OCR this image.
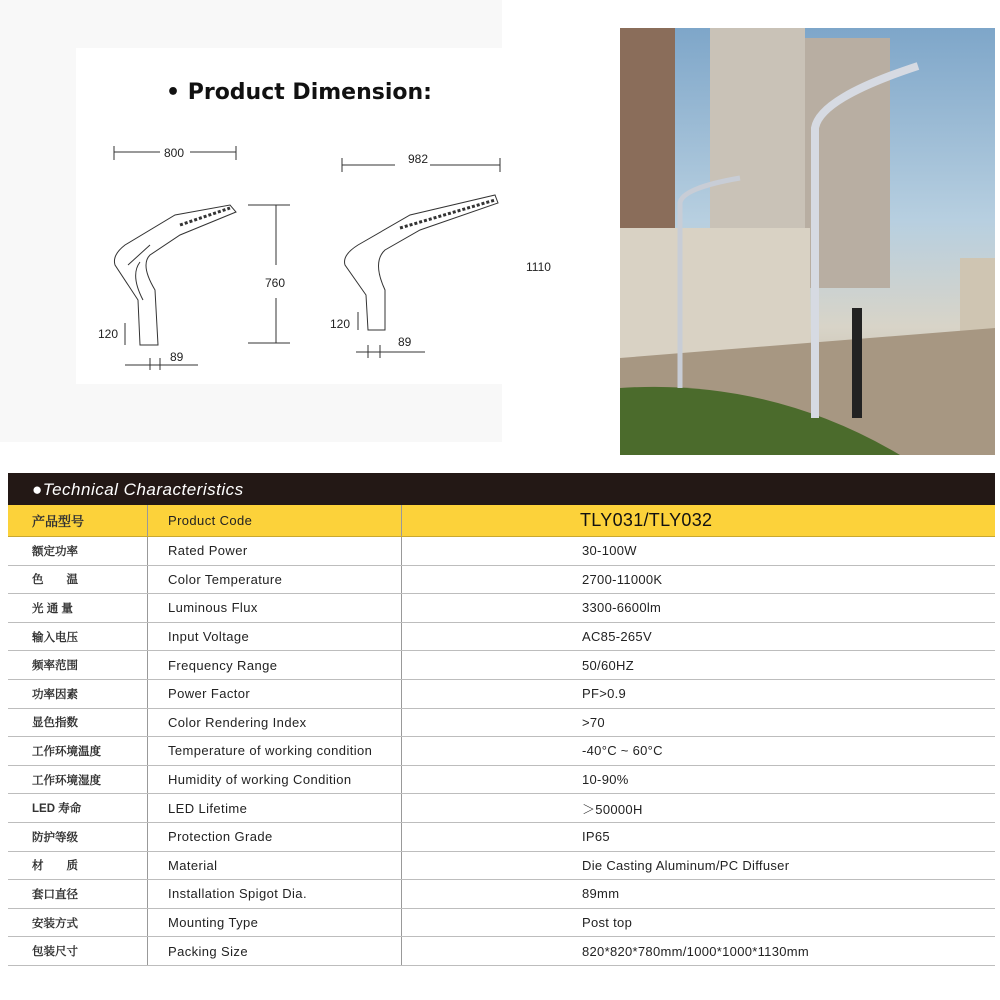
• Product Dimension:
800
760
120
89
982
1110
120
89
●Technical Characteristics
产品型号	Product Code	TLY031/TLY032
额定功率	Rated Power	30-100W
色　　温	Color Temperature	2700-11000K
光 通 量	Luminous Flux	3300-6600lm
输入电压	Input Voltage	AC85-265V
频率范围	Frequency Range	50/60HZ
功率因素	Power Factor	PF>0.9
显色指数	Color Rendering Index	>70
工作环境温度	Temperature of working condition	-40°C ~ 60°C
工作环境湿度	Humidity of working Condition	10-90%
LED 寿命	LED Lifetime	＞50000H
防护等级	Protection Grade	IP65
材　　质	Material	Die Casting Aluminum/PC Diffuser
套口直径	Installation Spigot Dia.	89mm
安装方式	Mounting Type	Post top
包装尺寸	Packing Size	820*820*780mm/1000*1000*1130mm
